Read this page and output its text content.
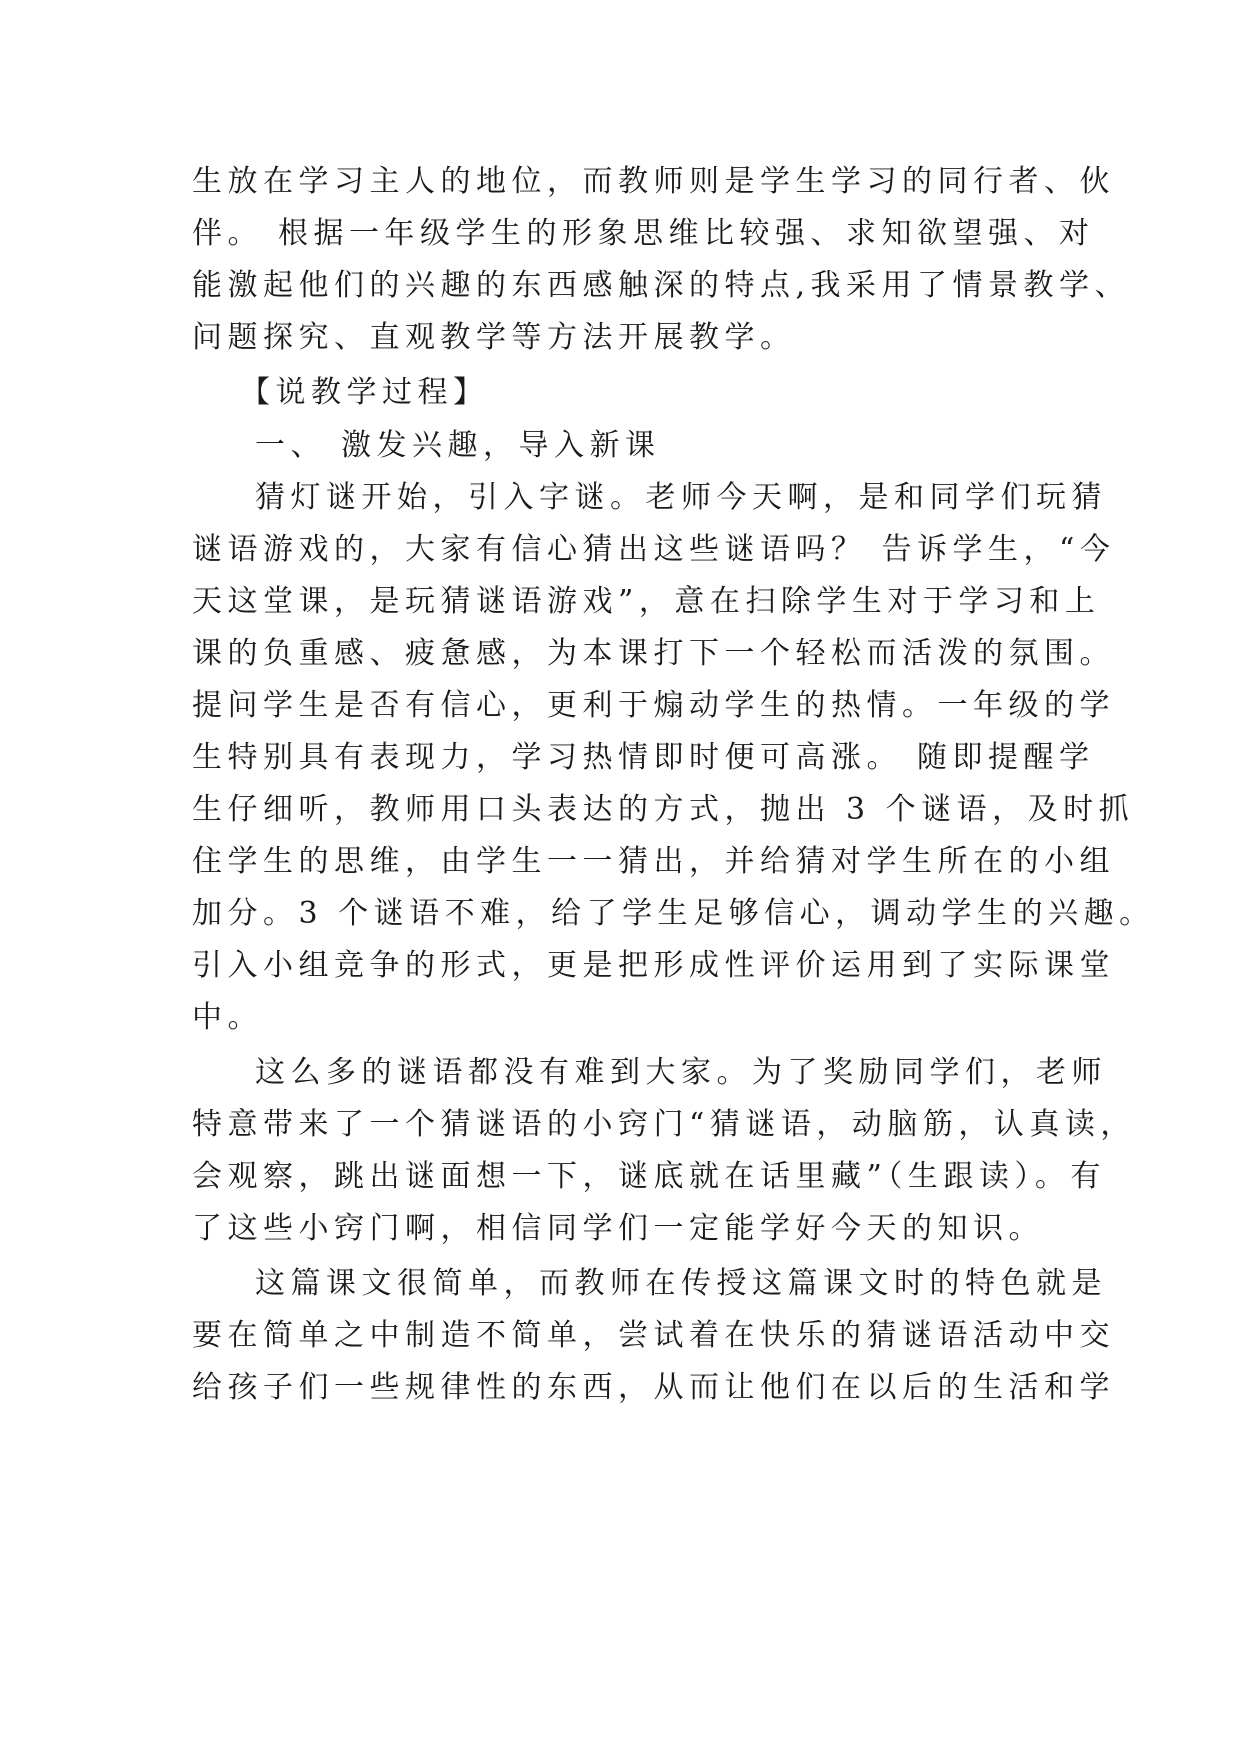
生放在学习主人的地位，而教师则是学生学习的同行者、伙
伴。 根据一年级学生的形象思维比较强、求知欲望强、对
能激起他们的兴趣的东西感触深的特点,我采用了情景教学、
问题探究、直观教学等方法开展教学。
【说教学过程】
一、 激发兴趣，导入新课
猜灯谜开始，引入字谜。老师今天啊，是和同学们玩猜
谜语游戏的，大家有信心猜出这些谜语吗？ 告诉学生，“今
天这堂课，是玩猜谜语游戏”，意在扫除学生对于学习和上
课的负重感、疲惫感，为本课打下一个轻松而活泼的氛围。
提问学生是否有信心，更利于煽动学生的热情。一年级的学
生特别具有表现力，学习热情即时便可高涨。 随即提醒学
生仔细听，教师用口头表达的方式，抛出 3 个谜语，及时抓
住学生的思维，由学生一一猜出，并给猜对学生所在的小组
加分。3 个谜语不难，给了学生足够信心，调动学生的兴趣。
引入小组竞争的形式，更是把形成性评价运用到了实际课堂
中。
这么多的谜语都没有难到大家。为了奖励同学们，老师
特意带来了一个猜谜语的小窍门“猜谜语，动脑筋，认真读，
会观察，跳出谜面想一下，谜底就在话里藏”（生跟读）。有
了这些小窍门啊，相信同学们一定能学好今天的知识。
这篇课文很简单，而教师在传授这篇课文时的特色就是
要在简单之中制造不简单，尝试着在快乐的猜谜语活动中交
给孩子们一些规律性的东西，从而让他们在以后的生活和学
